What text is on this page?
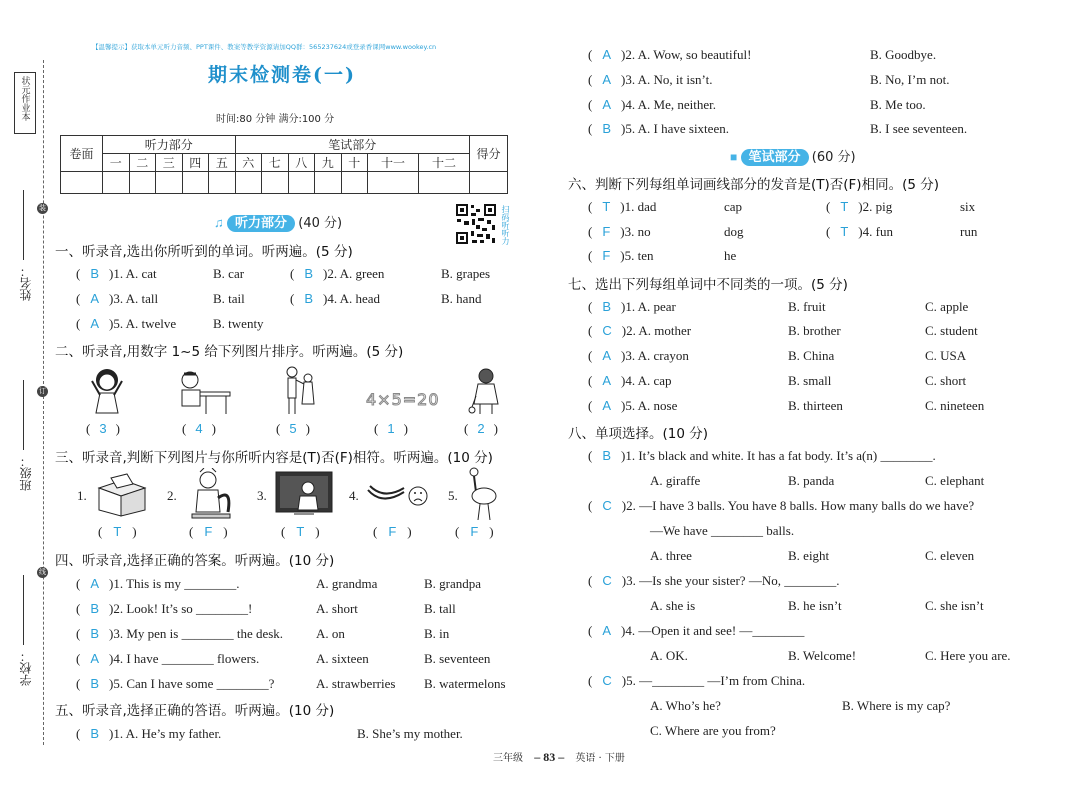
状元作业本
装
订
线
姓名：
班级：
学校：
【温馨提示】获取本单元听力音频、PPT课件、教案等教学资源请加QQ群：565237624或登录香课网www.wookey.cn
期末检测卷(一)
时间:80 分钟 满分:100 分
卷面	听力部分					笔试部分							得分
	一	二	三	四	五	六	七	八	九	十	十一	十二	

扫码听听力
♫ 听力部分 (40 分)
一、听录音,选出你所听到的单词。听两遍。(5 分)
( B )1. A. cat	B. car	( B )2. A. green	B. grapes
( A )3. A. tall	B. tail	( B )4. A. head	B. hand
( A )5. A. twelve	B. twenty
二、听录音,用数字 1~5 给下列图片排序。听两遍。(5 分)
4×5=20
( 3 )	( 4 )	( 5 )	( 1 )	( 2 )
三、听录音,判断下列图片与你所听内容是(T)否(F)相符。听两遍。(10 分)
1.	2.	3.	4.	5.
( T )	( F )	( T )	( F )	( F )
四、听录音,选择正确的答案。听两遍。(10 分)
( A )1. This is my ________.	A. grandma	B. grandpa
( B )2. Look! It’s so ________!	A. short	B. tall
( B )3. My pen is ________ the desk.	A. on	B. in
( A )4. I have ________ flowers.	A. sixteen	B. seventeen
( B )5. Can I have some ________?	A. strawberries B. watermelons
五、听录音,选择正确的答语。听两遍。(10 分)
( B )1. A. He’s my father.	B. She’s my mother.
( A )2. A. Wow, so beautiful!	B. Goodbye.
( A )3. A. No, it isn’t.	B. No, I’m not.
( A )4. A. Me, neither.	B. Me too.
( B )5. A. I have sixteen.	B. I see seventeen.
■ 笔试部分 (60 分)
六、判断下列每组单词画线部分的发音是(T)否(F)相同。(5 分)
( T )1. dad	cap	( T )2. pig	six
( F )3. no	dog	( T )4. fun	run
( F )5. ten	he
七、选出下列每组单词中不同类的一项。(5 分)
( B )1. A. pear	B. fruit	C. apple
( C )2. A. mother	B. brother	C. student
( A )3. A. crayon	B. China	C. USA
( A )4. A. cap	B. small	C. short
( A )5. A. nose	B. thirteen	C. nineteen
八、单项选择。(10 分)
( B )1. It’s black and white. It has a fat body. It’s a(n) ________.
A. giraffe	B. panda	C. elephant
( C )2. —I have 3 balls. You have 8 balls. How many balls do we have?
—We have ________ balls.
A. three	B. eight	C. eleven
( C )3. —Is she your sister? —No, ________.
A. she is	B. he isn’t	C. she isn’t
( A )4. —Open it and see! —________
A. OK.	B. Welcome!	C. Here you are.
( C )5. —________ —I’m from China.
A. Who’s he?	B. Where is my cap?
C. Where are you from?
三年级 – 83 – 英语 · 下册
